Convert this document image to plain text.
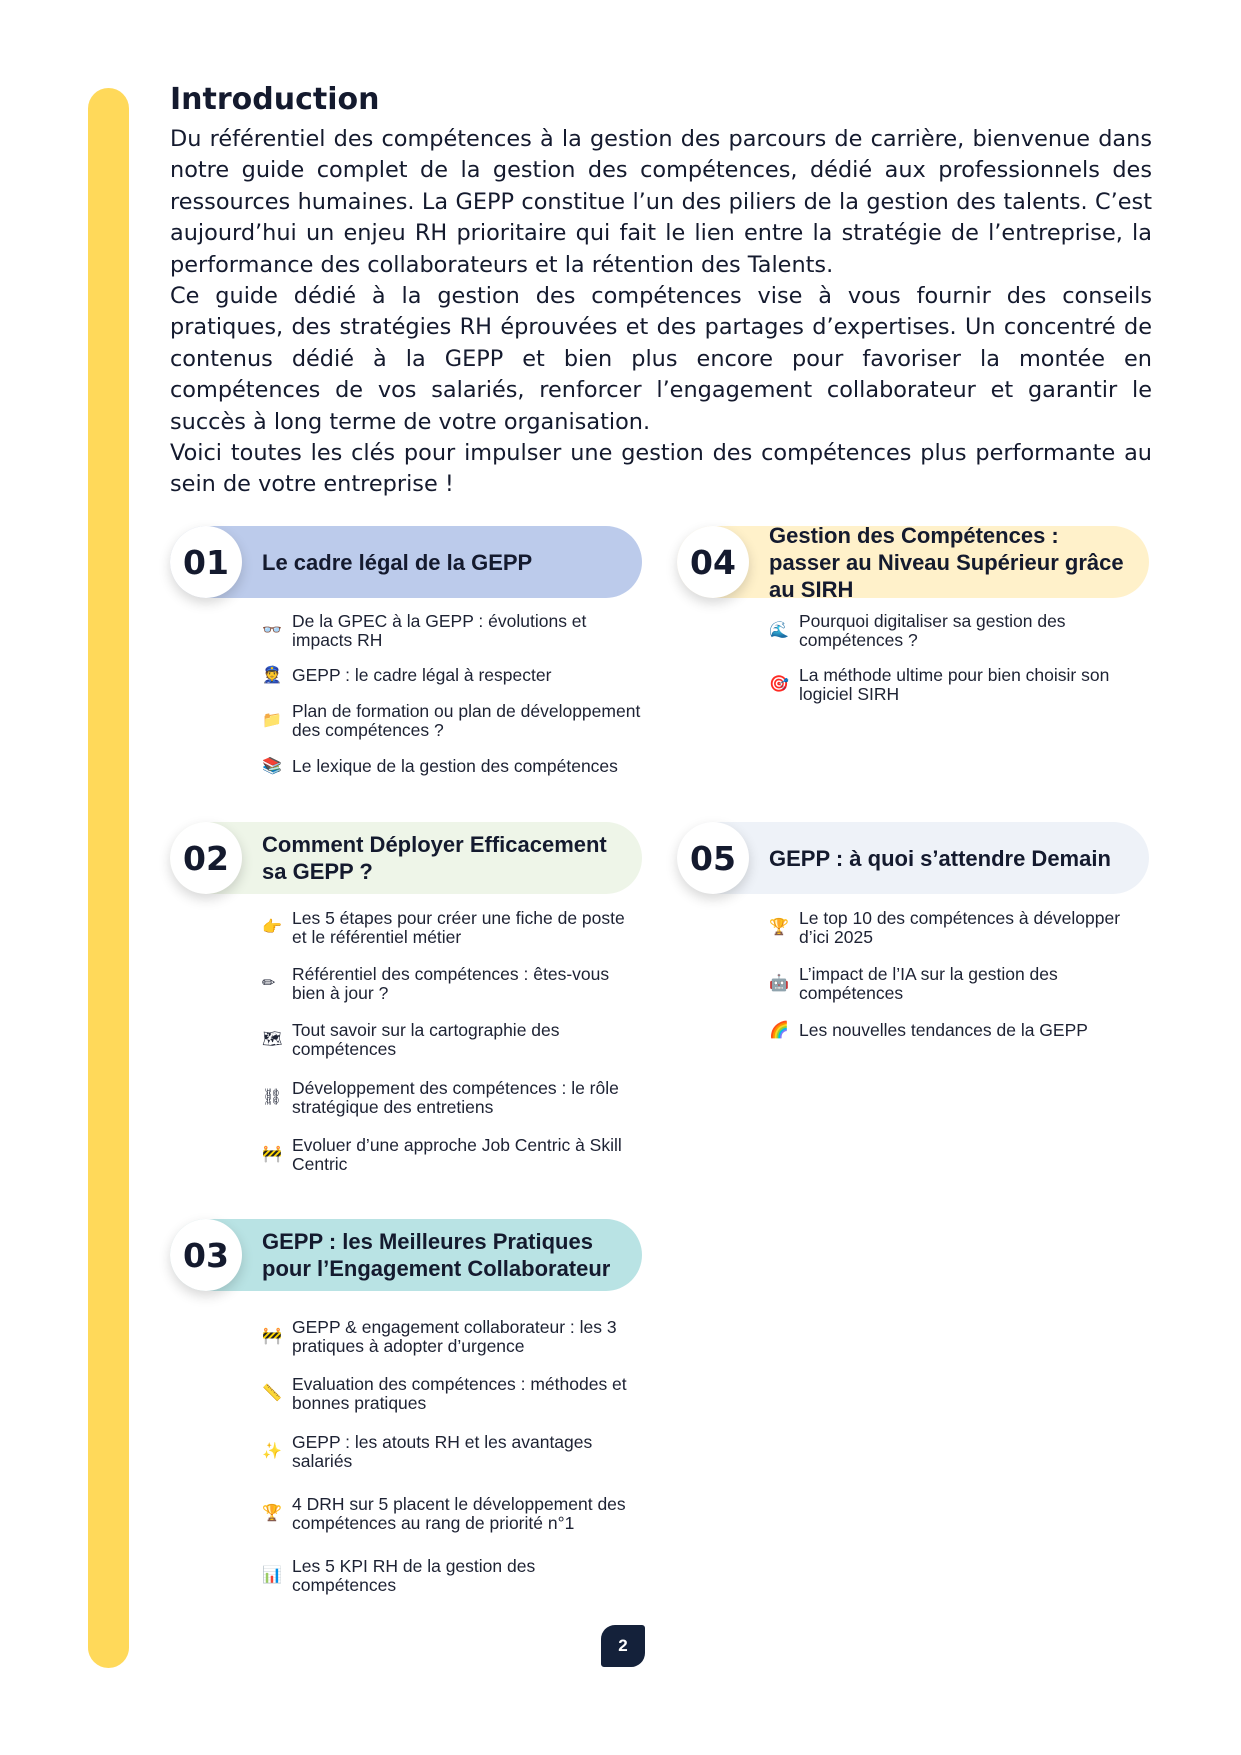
Introduction

Du référentiel des compétences à la gestion des parcours de carrière, bienvenue dans notre guide complet de la gestion des compétences, dédié aux professionnels des ressources humaines. La GEPP constitue l’un des piliers de la gestion des talents. C’est aujourd’hui un enjeu RH prioritaire qui fait le lien entre la stratégie de l’entreprise, la performance des collaborateurs et la rétention des Talents.

Ce guide dédié à la gestion des compétences vise à vous fournir des conseils pratiques, des stratégies RH éprouvées et des partages d’expertises. Un concentré de contenus dédié à la GEPP et bien plus encore pour favoriser la montée en compétences de vos salariés, renforcer l’engagement collaborateur et garantir le succès à long terme de votre organisation.

Voici toutes les clés pour impulser une gestion des compétences plus performante au sein de votre entreprise !

01	Le cadre légal de la GEPP
👓 De la GPEC à la GEPP : évolutions et impacts RH
👮 GEPP : le cadre légal à respecter
📁 Plan de formation ou plan de développement des compétences ?
📚 Le lexique de la gestion des compétences
02	Comment Déployer Efficacement sa GEPP ?
👉 Les 5 étapes pour créer une fiche de poste et le référentiel métier
✏ Référentiel des compétences : êtes-vous bien à jour ?
🗺 Tout savoir sur la cartographie des compétences
⛓ Développement des compétences : le rôle stratégique des entretiens
🚧 Evoluer d’une approche Job Centric à Skill Centric
03	GEPP : les Meilleures Pratiques pour l’Engagement Collaborateur
🚧 GEPP & engagement collaborateur : les 3 pratiques à adopter d’urgence
📏 Evaluation des compétences : méthodes et bonnes pratiques
✨ GEPP : les atouts RH et les avantages salariés
🏆 4 DRH sur 5 placent le développement des compétences au rang de priorité n°1
📊 Les 5 KPI RH de la gestion des compétences
04
Gestion des Compétences : passer au Niveau Supérieur grâce au SIRH
🌊 Pourquoi digitaliser sa gestion des compétences ?
🎯 La méthode ultime pour bien choisir son logiciel SIRH
05	GEPP : à quoi s’attendre Demain
🏆 Le top 10 des compétences à développer d’ici 2025
🤖 L’impact de l’IA sur la gestion des compétences
🌈 Les nouvelles tendances de la GEPP
2
